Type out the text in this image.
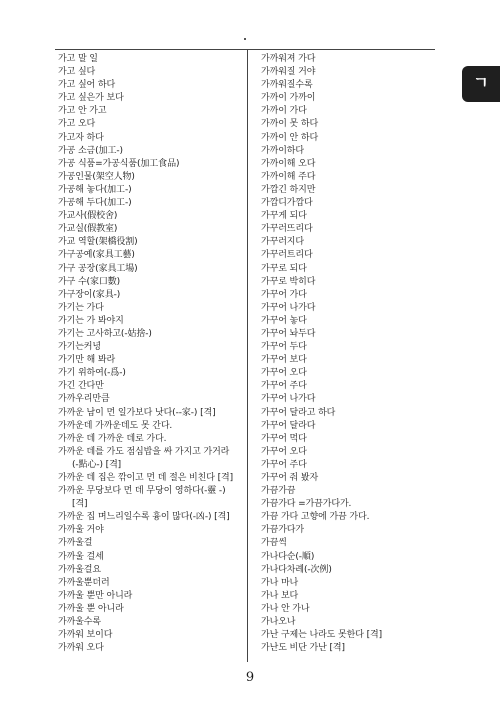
가고 말 일
가고 싶다
가고 싶어 하다
가고 싶은가 보다
가고 안 가고
가고 오다
가고자 하다
가공 소금(加工-)
가공 식품=가공식품(加工食品)
가공인물(架空人物)
가공해 놓다(加工-)
가공해 두다(加工-)
가교사(假校舍)
가교실(假教室)
가교 역할(架橋役割)
가구공예(家具工藝)
가구 공장(家具工場)
가구 수(家口數)
가구장이(家具-)
가기는 가다
가기는 가 봐야지
가기는 고사하고(-姑捨-)
가기는커녕
가기만 해 봐라
가기 위하여(-爲-)
가긴 간다만
가까우리만큼
가까운 남이 먼 일가보다 낫다(--家-) [격]
가까운데 가까운데도 못 간다.
가까운 데 가까운 데로 가다.
가까운 데를 가도 점심밥을 싸 가지고 가거라
(-點心-) [격]
가까운 데 집은 깎이고 먼 데 절은 비친다 [격]
가까운 무당보다 먼 데 무당이 영하다(-靈 -)
[격]
가까운 집 며느리일수록 흉이 많다(-凶-) [격]
가까울 거야
가까울걸
가까울 걸세
가까울걸요
가까울뿐더러
가까울 뿐만 아니라
가까울 뿐 아니라
가까울수록
가까워 보이다
가까워 오다
가까워져 가다
가까워질 거야
가까워질수록
가까이 가까이
가까이 가다
가까이 못 하다
가까이 안 하다
가까이하다
가까이해 오다
가까이해 주다
가깝긴 하지만
가깝디가깝다
가꾸게 되다
가꾸러뜨리다
가꾸러지다
가꾸러트리다
가꾸로 되다
가꾸로 박히다
가꾸어 가다
가꾸어 나가다
가꾸어 놓다
가꾸어 놔두다
가꾸어 두다
가꾸어 보다
가꾸어 오다
가꾸어 주다
가꾸어 나가다
가꾸어 달라고 하다
가꾸어 달라다
가꾸어 먹다
가꾸어 오다
가꾸어 주다
가꾸어 줘 봤자
가끔가끔
가끔가다 =가끔가다가.
가끔 가다 고향에 가끔 가다.
가끔가다가
가끔씩
가나다순(-順)
가나다차례(-次例)
가나 마나
가나 보다
가나 안 가나
가나오나
가난 구제는 나라도 못한다 [격]
가난도 비단 가난 [격]
ㄱ
9
